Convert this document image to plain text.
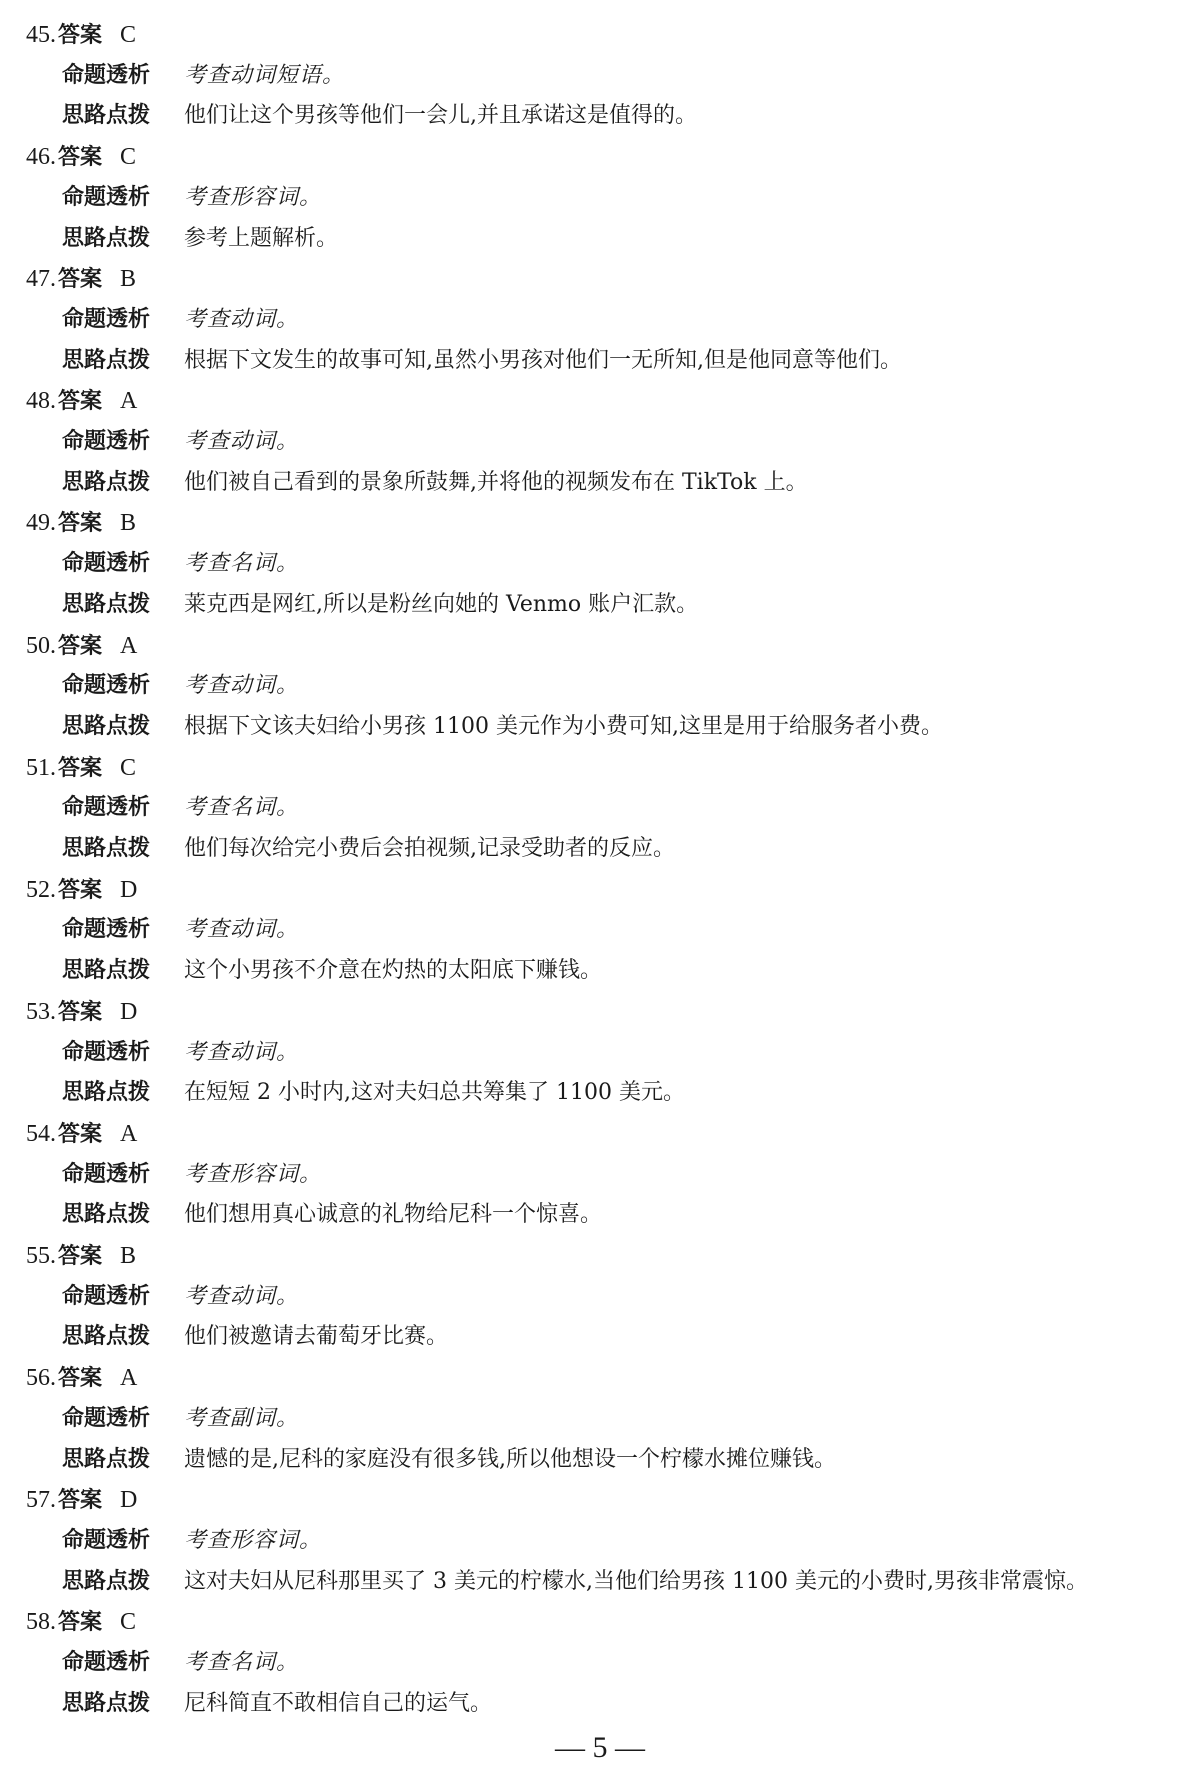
45.答案 C
命题透析 考查动词短语。
思路点拨 他们让这个男孩等他们一会儿,并且承诺这是值得的。
46.答案 C
命题透析 考查形容词。
思路点拨 参考上题解析。
47.答案 B
命题透析 考查动词。
思路点拨 根据下文发生的故事可知,虽然小男孩对他们一无所知,但是他同意等他们。
48.答案 A
命题透析 考查动词。
思路点拨 他们被自己看到的景象所鼓舞,并将他的视频发布在 TikTok 上。
49.答案 B
命题透析 考查名词。
思路点拨 莱克西是网红,所以是粉丝向她的 Venmo 账户汇款。
50.答案 A
命题透析 考查动词。
思路点拨 根据下文该夫妇给小男孩 1100 美元作为小费可知,这里是用于给服务者小费。
51.答案 C
命题透析 考查名词。
思路点拨 他们每次给完小费后会拍视频,记录受助者的反应。
52.答案 D
命题透析 考查动词。
思路点拨 这个小男孩不介意在灼热的太阳底下赚钱。
53.答案 D
命题透析 考查动词。
思路点拨 在短短 2 小时内,这对夫妇总共筹集了 1100 美元。
54.答案 A
命题透析 考查形容词。
思路点拨 他们想用真心诚意的礼物给尼科一个惊喜。
55.答案 B
命题透析 考查动词。
思路点拨 他们被邀请去葡萄牙比赛。
56.答案 A
命题透析 考查副词。
思路点拨 遗憾的是,尼科的家庭没有很多钱,所以他想设一个柠檬水摊位赚钱。
57.答案 D
命题透析 考查形容词。
思路点拨 这对夫妇从尼科那里买了 3 美元的柠檬水,当他们给男孩 1100 美元的小费时,男孩非常震惊。
58.答案 C
命题透析 考查名词。
思路点拨 尼科简直不敢相信自己的运气。
— 5 —
